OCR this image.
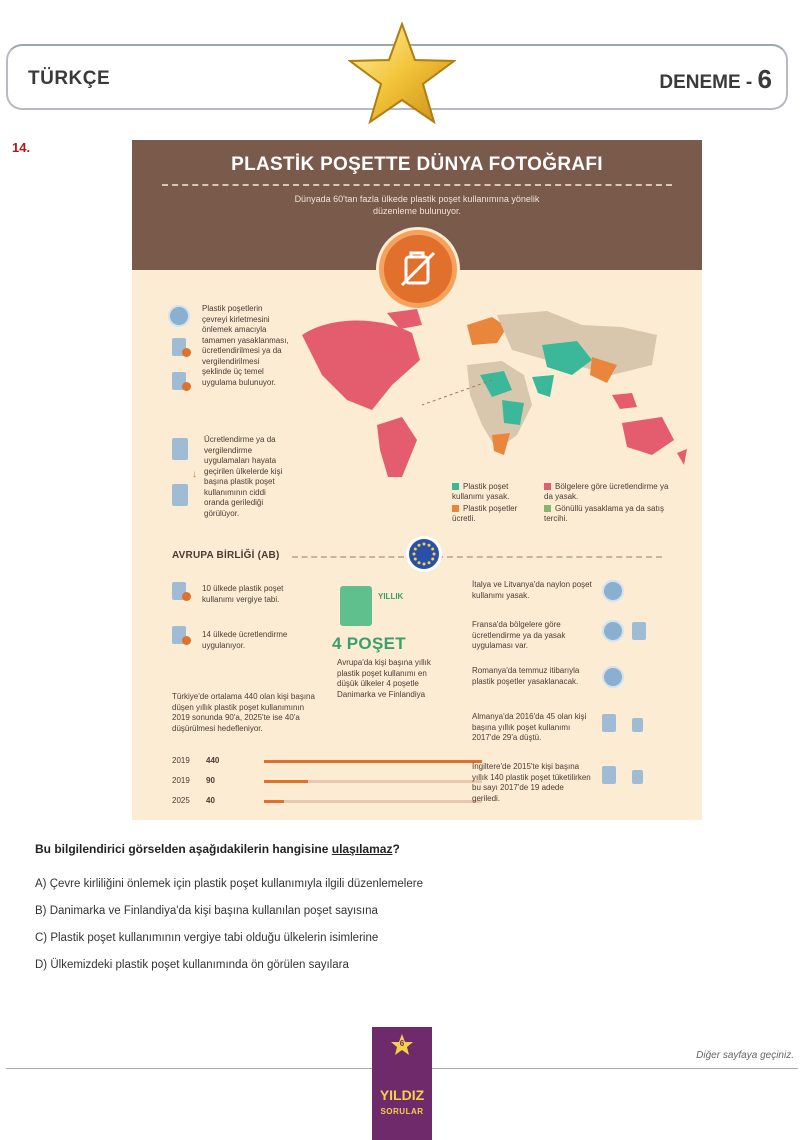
TÜRKÇE	DENEME - 6
14.
PLASTİK POŞETTE DÜNYA FOTOĞRAFI
Dünyada 60'tan fazla ülkede plastik poşet kullanımına yönelik düzenleme bulunuyor.
Plastik poşetlerin çevreyi kirletmesini önlemek amacıyla tamamen yasaklanması, ücretlendirilmesi ya da vergilendirilmesi şeklinde üç temel uygulama bulunuyor.
↓
Ücretlendirme ya da vergilendirme uygulamaları hayata geçirilen ülkelerde kişi başına plastik poşet kullanımının ciddi oranda gerilediği görülüyor.
Plastik poşet kullanımı yasak.
Plastik poşetler ücretli.
Bölgelere göre ücretlendirme ya da yasak.
Gönüllü yasaklama ya da satış tercihi.
AVRUPA BİRLİĞİ (AB)
10 ülkede plastik poşet kullanımı vergiye tabi.
14 ülkede ücretlendirme uygulanıyor.
YILLIK
4 POŞET
Avrupa'da kişi başına yıllık plastik poşet kullanımı en düşük ülkeler 4 poşetle Danimarka ve Finlandiya
Türkiye'de ortalama 440 olan kişi başına düşen yıllık plastik poşet kullanımının 2019 sonunda 90'a, 2025'te ise 40'a düşürülmesi hedefleniyor.
2019 440
2019 90
2025 40
İtalya ve Litvanya'da naylon poşet kullanımı yasak.
Fransa'da bölgelere göre ücretlendirme ya da yasak uygulaması var.
Romanya'da temmuz itibarıyla plastik poşetler yasaklanacak.
Almanya'da 2016'da 45 olan kişi başına yıllık poşet kullanımı 2017'de 29'a düştü.
İngiltere'de 2015'te kişi başına yıllık 140 plastik poşet tüketilirken bu sayı 2017'de 19 adede geriledi.
Bu bilgilendirici görselden aşağıdakilerin hangisine ulaşılamaz?
A) Çevre kirliliğini önlemek için plastik poşet kullanımıyla ilgili düzenlemelere
B) Danimarka ve Finlandiya'da kişi başına kullanılan poşet sayısına
C) Plastik poşet kullanımının vergiye tabi olduğu ülkelerin isimlerine
D) Ülkemizdeki plastik poşet kullanımında ön görülen sayılara
Diğer sayfaya geçiniz.
6
YILDIZ
SORULAR
